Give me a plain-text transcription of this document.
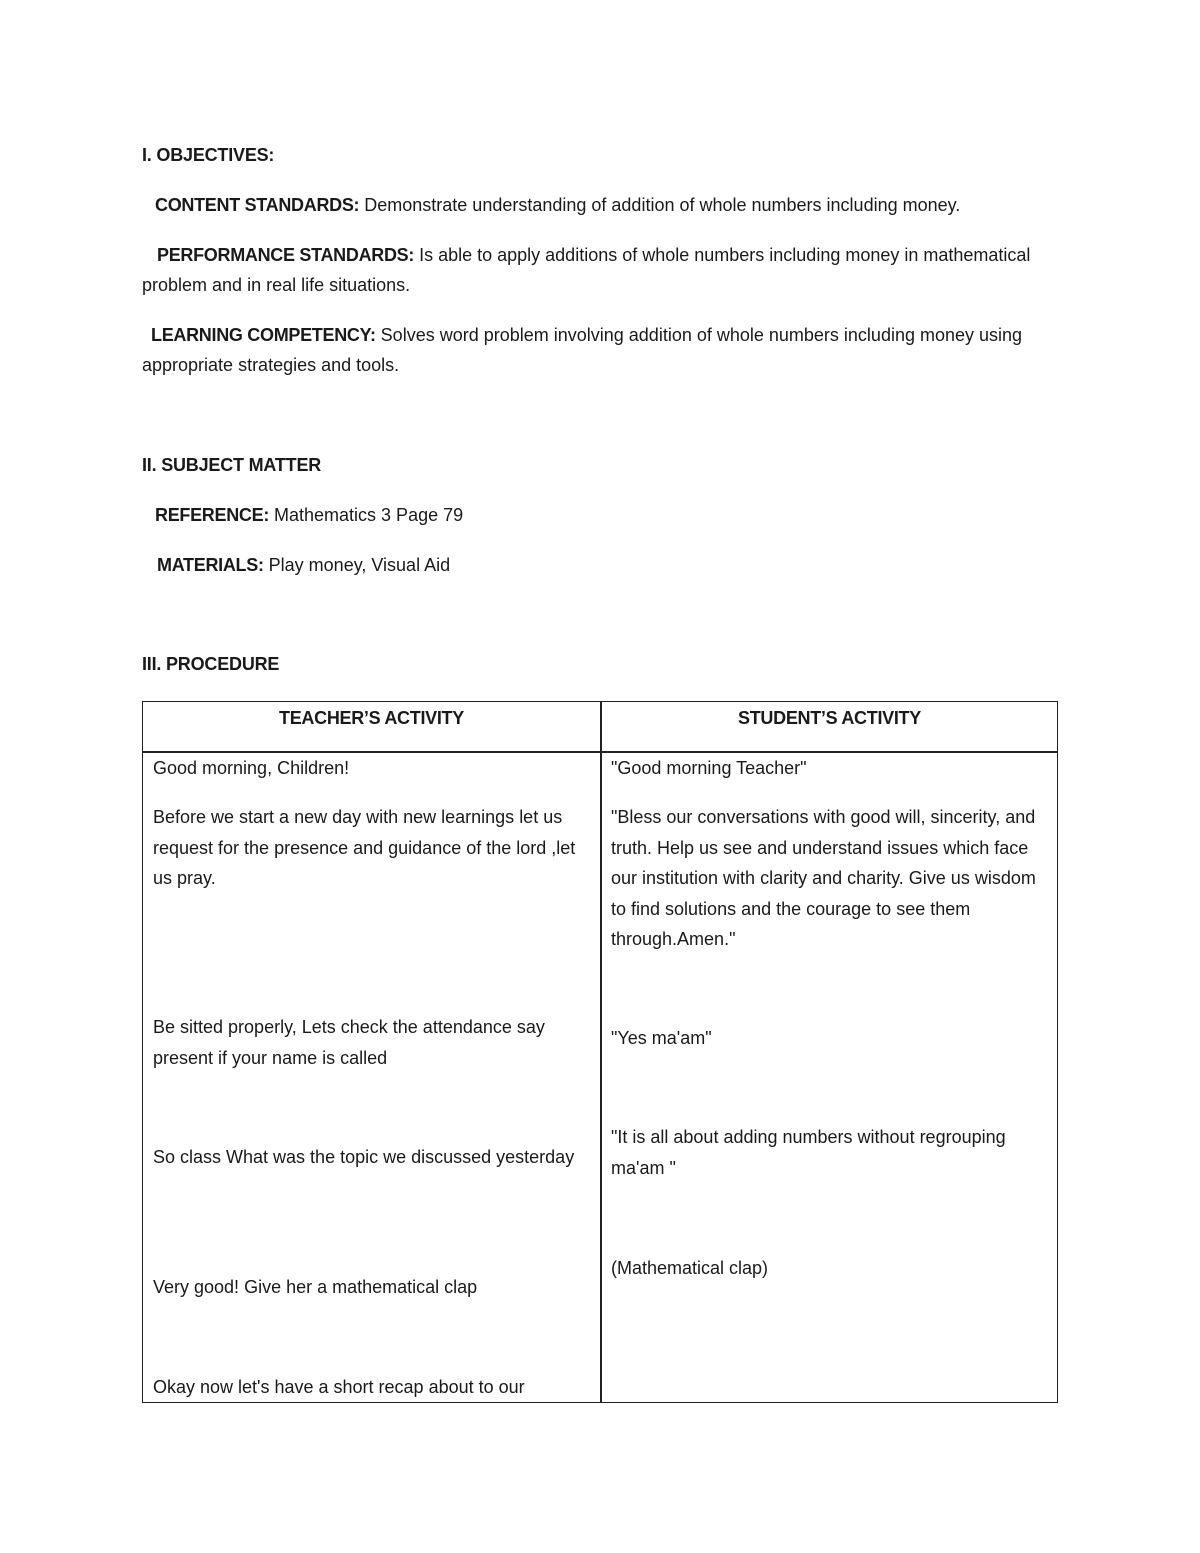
I. OBJECTIVES:
CONTENT STANDARDS: Demonstrate understanding of addition of whole numbers including money.
PERFORMANCE STANDARDS: Is able to apply additions of whole numbers including money in mathematical problem and in real life situations.
LEARNING COMPETENCY: Solves word problem involving addition of whole numbers including money using appropriate strategies and tools.
II. SUBJECT MATTER
REFERENCE: Mathematics 3 Page 79
MATERIALS: Play money, Visual Aid
III. PROCEDURE
TEACHER’S ACTIVITY	STUDENT’S ACTIVITY
Good morning, Children!
Before we start a new day with new learnings let us request for the presence and guidance of the lord ,let us pray.
Be sitted properly, Lets check the attendance say present if your name is called
So class What was the topic we discussed yesterday
Very good! Give her a mathematical clap
Okay now let's have a short recap about to our
"Good morning Teacher"
"Bless our conversations with good will, sincerity, and truth. Help us see and understand issues which face our institution with clarity and charity. Give us wisdom to find solutions and the courage to see them through.Amen."
"Yes ma'am"
"It is all about adding numbers without regrouping ma'am "
(Mathematical clap)
